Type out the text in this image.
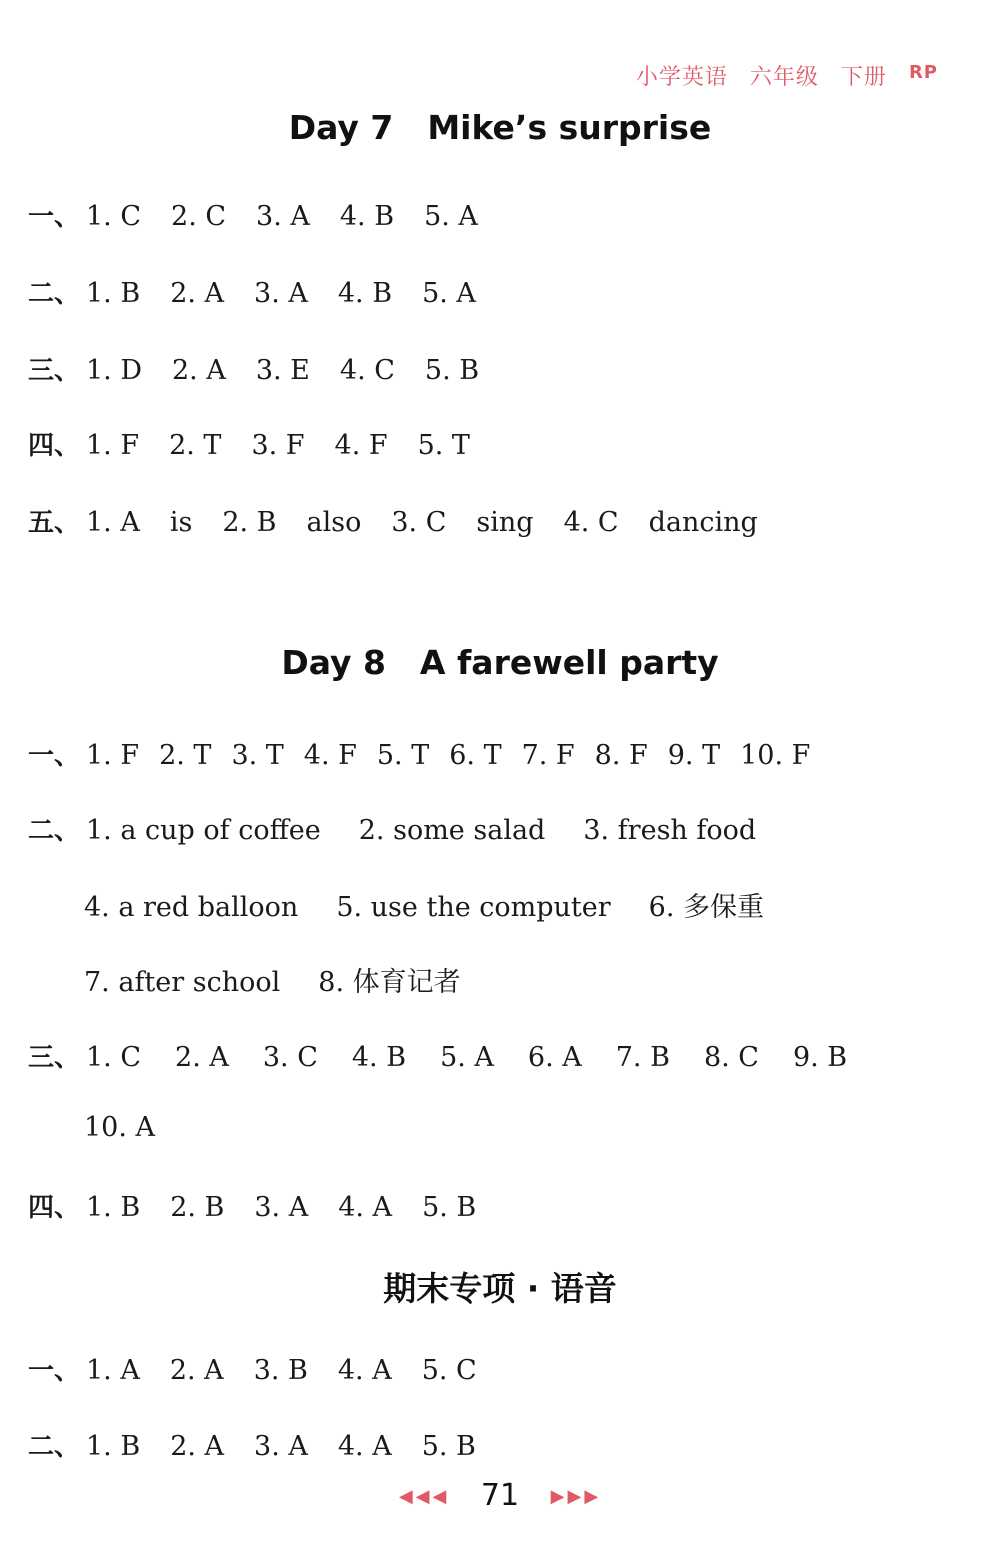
小学英语 六年级 下册 RP
Day 7 Mike’s surprise
Day 8 A farewell party
期末专项 · 语音
一、 1. C 2. C 3. A 4. B 5. A
二、 1. B 2. A 3. A 4. B 5. A
三、 1. D 2. A 3. E 4. C 5. B
四、 1. F 2. T 3. F 4. F 5. T
五、 1. A is 2. B also 3. C sing 4. C dancing
一、 1. F 2. T 3. T 4. F 5. T 6. T 7. F 8. F 9. T 10. F
二、 1. a cup of coffee 2. some salad 3. fresh food
4. a red balloon 5. use the computer 6. 多保重
7. after school 8. 体育记者
三、 1. C 2. A 3. C 4. B 5. A 6. A 7. B 8. C 9. B
10. A
四、 1. B 2. B 3. A 4. A 5. B
一、 1. A 2. A 3. B 4. A 5. C
二、 1. B 2. A 3. A 4. A 5. B
◀◀◀ 71 ▶▶▶
